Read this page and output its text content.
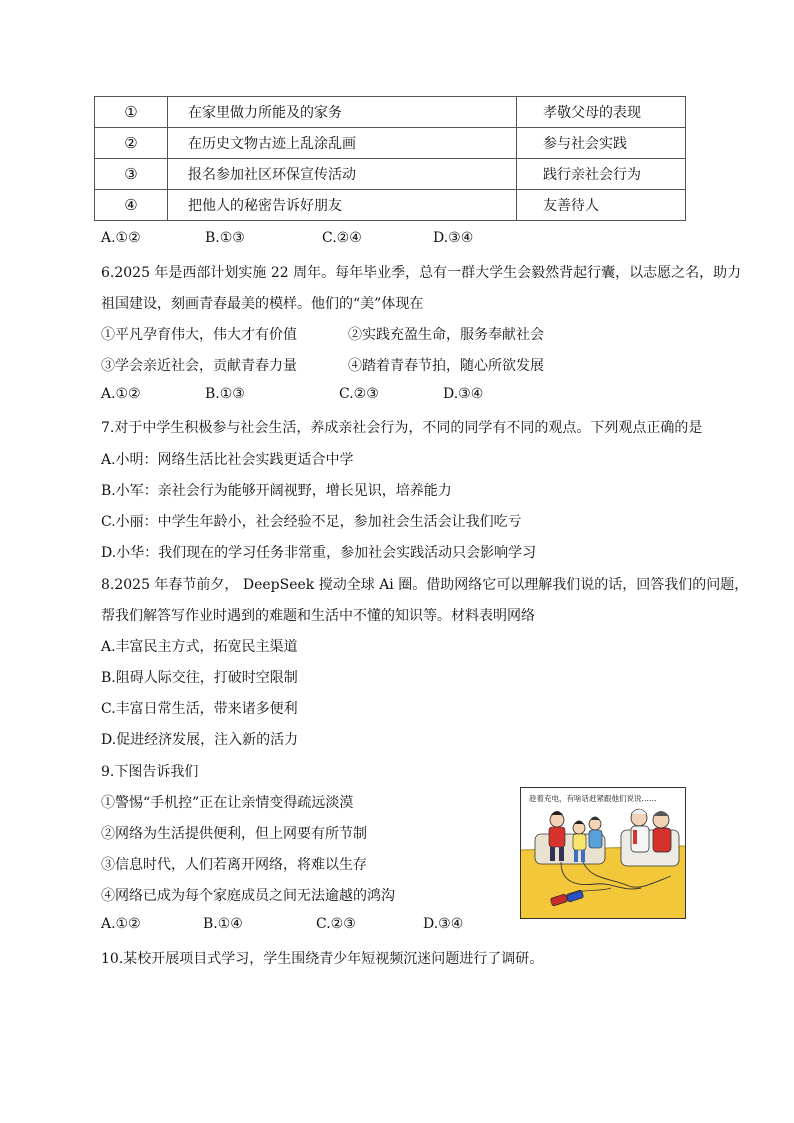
①	在家里做力所能及的家务	孝敬父母的表现
②	在历史文物古迹上乱涂乱画	参与社会实践
③	报名参加社区环保宣传活动	践行亲社会行为
④	把他人的秘密告诉好朋友	友善待人
A.①②	B.①③	C.②④	D.③④
6.2025 年是西部计划实施 22 周年。每年毕业季，总有一群大学生会毅然背起行囊，以志愿之名，助力
祖国建设，刻画青春最美的模样。他们的“美”体现在
①平凡孕育伟大，伟大才有价值	②实践充盈生命，服务奉献社会
③学会亲近社会，贡献青春力量	④踏着青春节拍，随心所欲发展
A.①②	B.①③	C.②③	D.③④
7.对于中学生积极参与社会生活，养成亲社会行为，不同的同学有不同的观点。下列观点正确的是
A.小明：网络生活比社会实践更适合中学
B.小军：亲社会行为能够开阔视野，增长见识，培养能力
C.小丽：中学生年龄小，社会经验不足，参加社会生活会让我们吃亏
D.小华：我们现在的学习任务非常重，参加社会实践活动只会影响学习
8.2025 年春节前夕， DeepSeek 搅动全球 Ai 圈。借助网络它可以理解我们说的话，回答我们的问题，
帮我们解答写作业时遇到的难题和生活中不懂的知识等。材料表明网络
A.丰富民主方式，拓宽民主渠道
B.阻碍人际交往，打破时空限制
C.丰富日常生活，带来诸多便利
D.促进经济发展，注入新的活力
9.下图告诉我们
①警惕“手机控”正在让亲情变得疏远淡漠
②网络为生活提供便利，但上网要有所节制
③信息时代，人们若离开网络，将难以生存
④网络已成为每个家庭成员之间无法逾越的鸿沟
A.①②	B.①④	C.②③	D.③④
趁着充电，有啥话赶紧跟他们说说……
10.某校开展项目式学习，学生围绕青少年短视频沉迷问题进行了调研。
